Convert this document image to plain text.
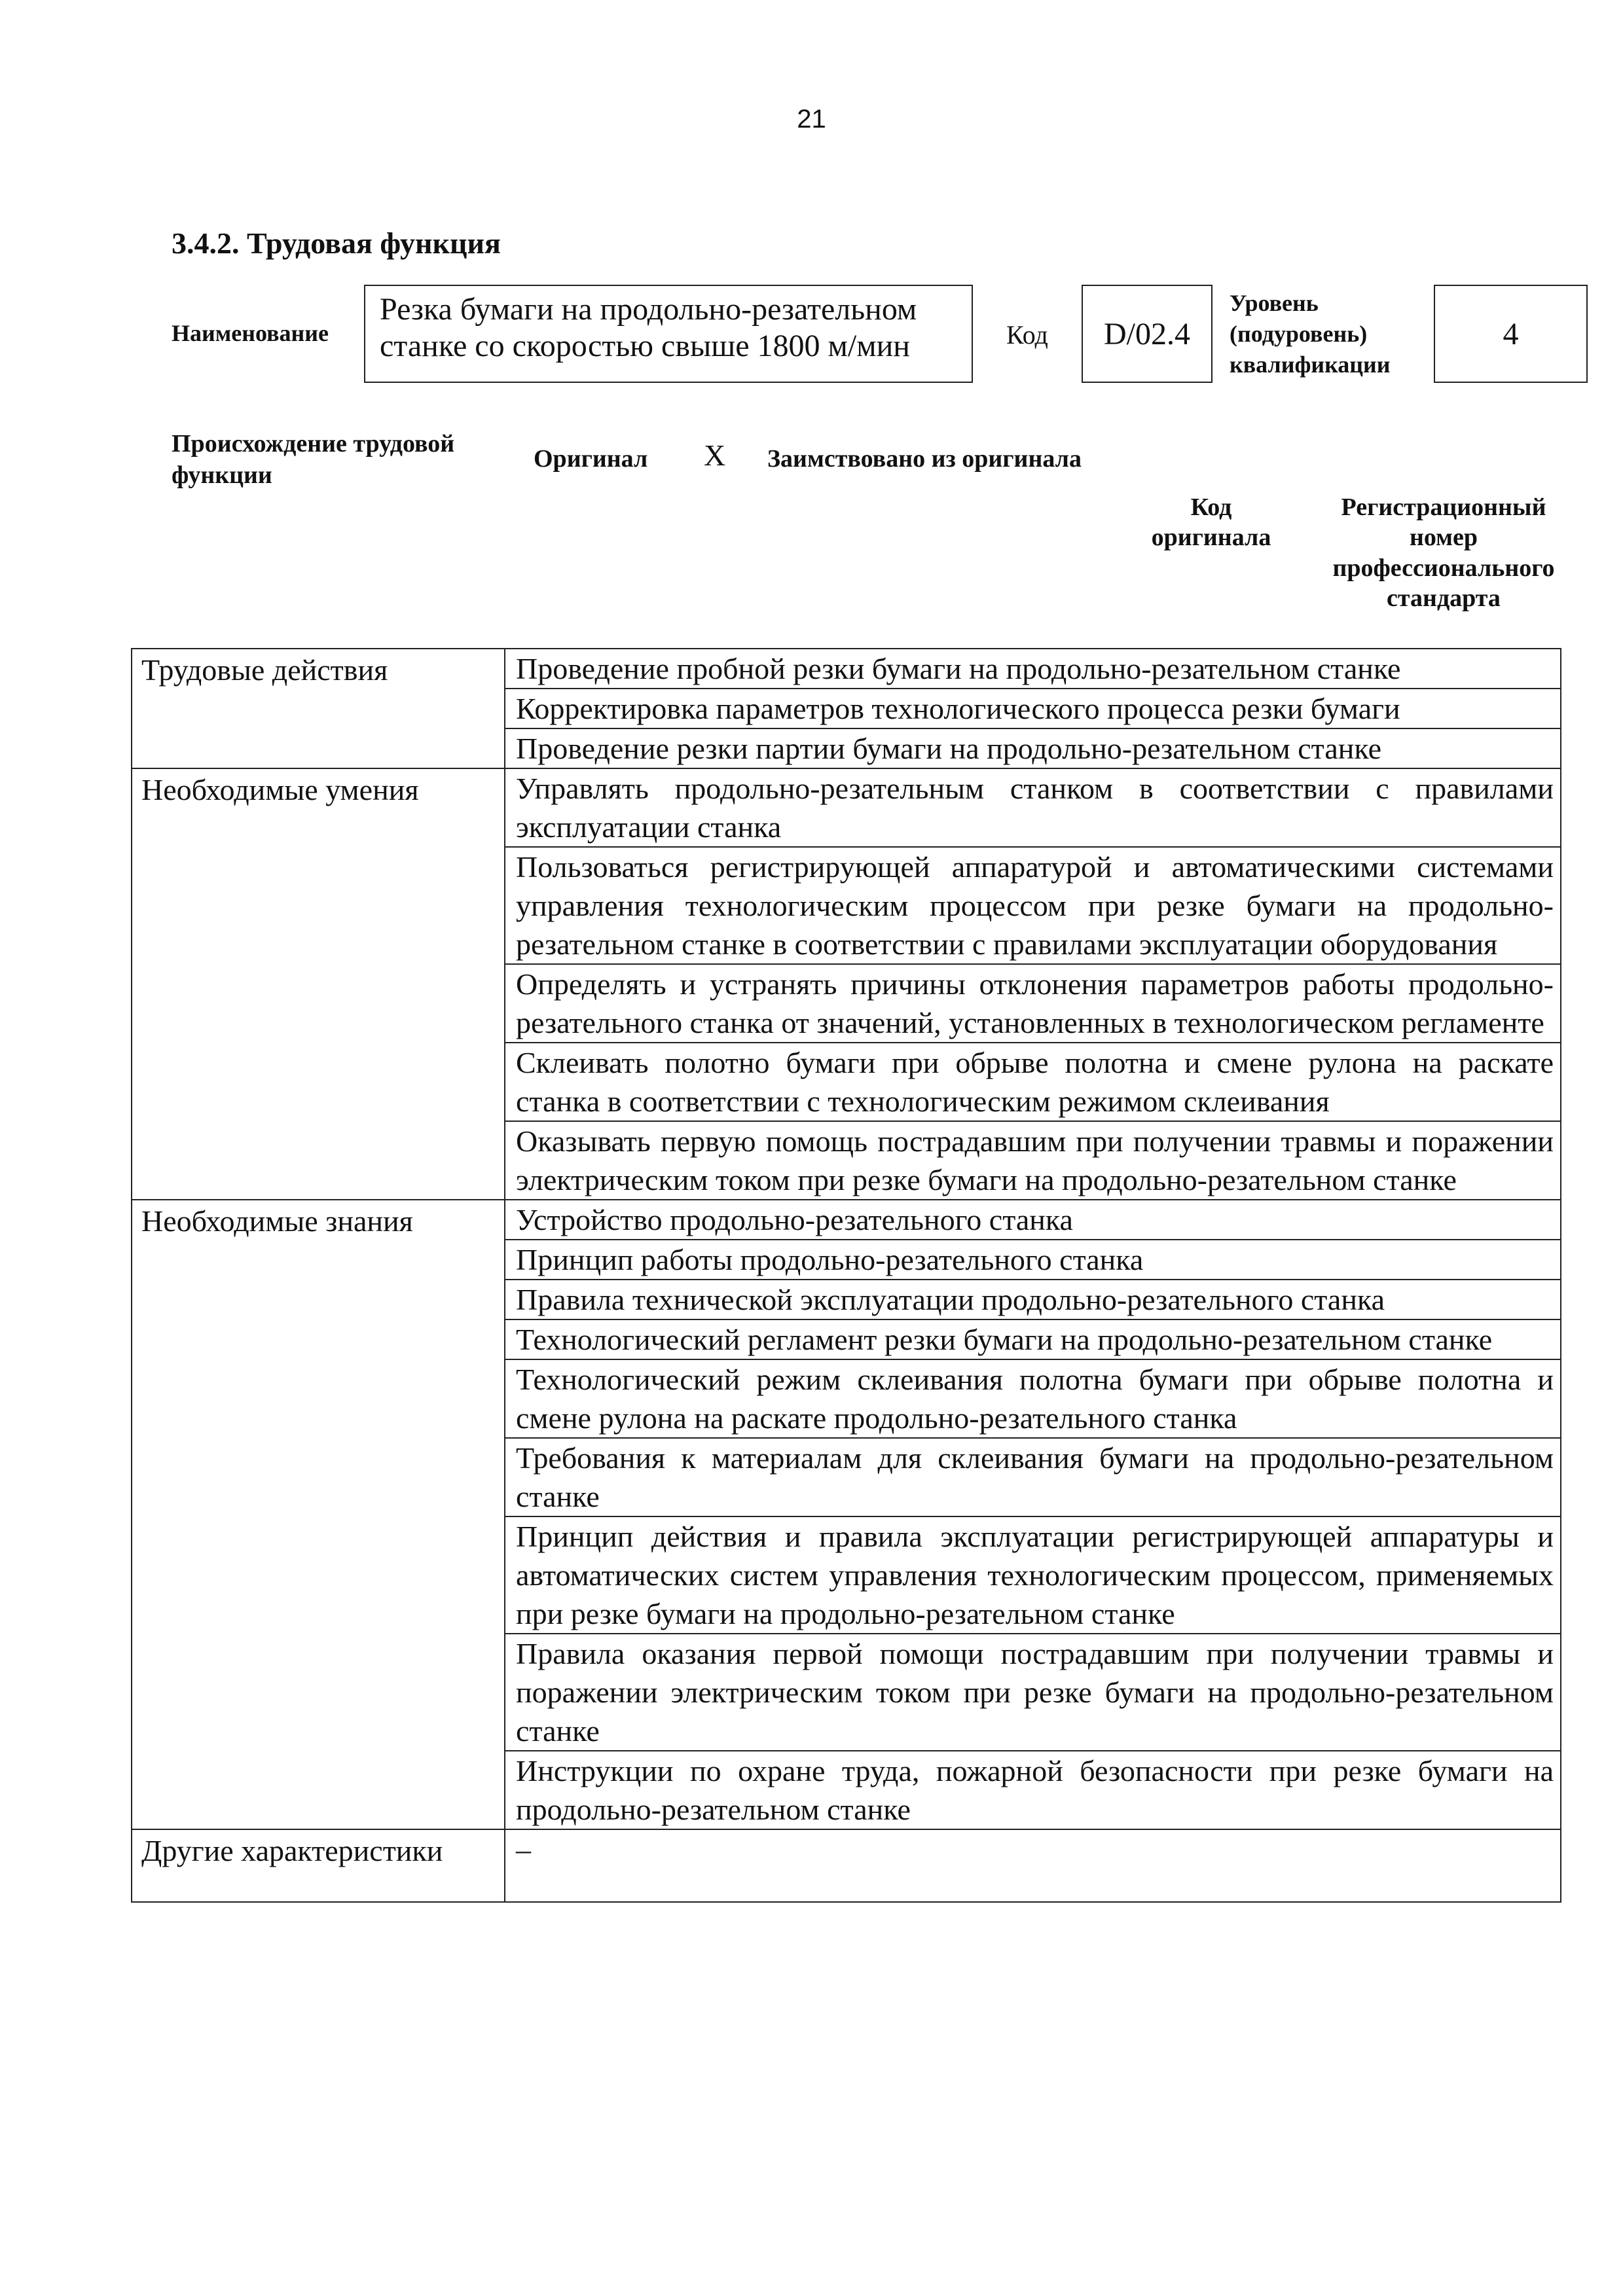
21
3.4.2. Трудовая функция
Наименование
Резка бумаги на продольно-резательном
станке со скоростью свыше 1800 м/мин	Код	D/02.4
Уровень
(подуровень)
квалификации
4
Происхождение трудовой
функции
Оригинал X Заимствовано из оригинала
Код
оригинала
Регистрационный
номер
профессионального
стандарта
Трудовые действия	Проведение пробной резки бумаги на продольно-резательном станке
	Корректировка параметров технологического процесса резки бумаги
	Проведение резки партии бумаги на продольно-резательном станке
Необходимые умения	Управлять продольно-резательным станком в соответствии с правилами эксплуатации станка
	Пользоваться регистрирующей аппаратурой и автоматическими системами управления технологическим процессом при резке бумаги на продольно-резательном станке в соответствии с правилами эксплуатации оборудования
	Определять и устранять причины отклонения параметров работы продольно-резательного станка от значений, установленных в технологическом регламенте
	Склеивать полотно бумаги при обрыве полотна и смене рулона на раскате станка в соответствии с технологическим режимом склеивания
	Оказывать первую помощь пострадавшим при получении травмы и поражении электрическим током при резке бумаги на продольно-резательном станке
Необходимые знания	Устройство продольно-резательного станка
	Принцип работы продольно-резательного станка
	Правила технической эксплуатации продольно-резательного станка
	Технологический регламент резки бумаги на продольно-резательном станке
	Технологический режим склеивания полотна бумаги при обрыве полотна и смене рулона на раскате продольно-резательного станка
	Требования к материалам для склеивания бумаги на продольно-резательном станке
	Принцип действия и правила эксплуатации регистрирующей аппаратуры и автоматических систем управления технологическим процессом, применяемых при резке бумаги на продольно-резательном станке
	Правила оказания первой помощи пострадавшим при получении травмы и поражении электрическим током при резке бумаги на продольно-резательном станке
	Инструкции по охране труда, пожарной безопасности при резке бумаги на продольно-резательном станке
Другие характеристики	–
